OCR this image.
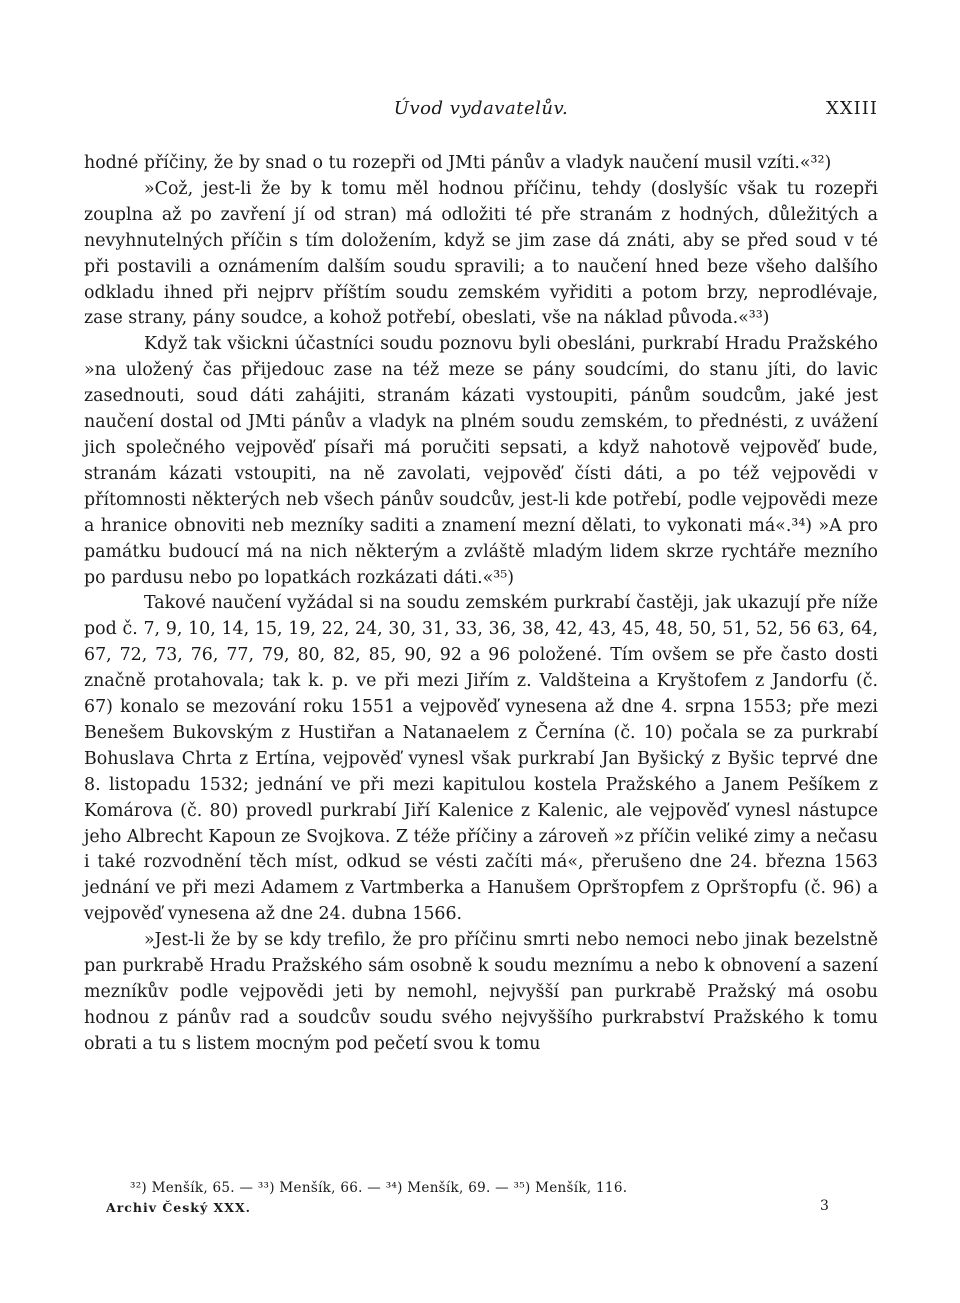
Úvod vydavatelův.	XXIII

hodné příčiny, že by snad o tu rozepři od JMti pánův a vladyk naučení musil vzíti.«³²)

»Což, jest-li že by k tomu měl hodnou příčinu, tehdy (doslyšíc však tu rozepři zouplna až po zavření jí od stran) má odložiti té pře stranám z hodných, důležitých a nevyhnutelných příčin s tím doložením, když se jim zase dá znáti, aby se před soud v té při postavili a oznámením dalším soudu spravili; a to naučení hned beze všeho dalšího odkladu ihned při nejprv příštím soudu zemském vyřiditi a potom brzy, neprodlévaje, zase strany, pány soudce, a kohož potřebí, obeslati, vše na náklad původa.«³³)

Když tak všickni účastníci soudu poznovu byli obesláni, purkrabí Hradu Pražského »na uložený čas přijedouc zase na též meze se pány soudcími, do stanu jíti, do lavic zasednouti, soud dáti zahájiti, stranám kázati vystoupiti, pánům soudcům, jaké jest naučení dostal od JMti pánův a vladyk na plném soudu zemském, to přednésti, z uvážení jich společného vejpověď písaři má poručiti sepsati, a když nahotově vejpověď bude, stranám kázati vstoupiti, na ně zavolati, vejpověď čísti dáti, a po též vejpovědi v přítomnosti některých neb všech pánův soudcův, jest-li kde potřebí, podle vejpovědi meze a hranice obnoviti neb mezníky saditi a znamení mezní dělati, to vykonati má«.³⁴) »A pro památku budoucí má na nich některým a zvláště mladým lidem skrze rychtáře mezního po pardusu nebo po lopatkách rozkázati dáti.«³⁵)

Takové naučení vyžádal si na soudu zemském purkrabí častěji, jak ukazují pře níže pod č. 7, 9, 10, 14, 15, 19, 22, 24, 30, 31, 33, 36, 38, 42, 43, 45, 48, 50, 51, 52, 56 63, 64, 67, 72, 73, 76, 77, 79, 80, 82, 85, 90, 92 a 96 položené. Tím ovšem se pře často dosti značně protahovala; tak k. p. ve při mezi Jiřím z. Valdšteina a Kryštofem z Jandorfu (č. 67) konalo se mezování roku 1551 a vejpověď vynesena až dne 4. srpna 1553; pře mezi Benešem Bukovským z Hustiřan a Natanaelem z Černína (č. 10) počala se za purkrabí Bohuslava Chrta z Ertína, vejpověď vynesl však purkrabí Jan Byšický z Byšic teprvé dne 8. listopadu 1532; jednání ve při mezi kapitulou kostela Pražského a Janem Pešíkem z Komárova (č. 80) provedl purkrabí Jiří Kalenice z Kalenic, ale vejpověď vynesl nástupce jeho Albrecht Kapoun ze Svojkova. Z téže příčiny a zároveň »z příčin veliké zimy a nečasu i také rozvodnění těch míst, odkud se vésti začíti má«, přerušeno dne 24. března 1563 jednání ve při mezi Adamem z Vartmberka a Hanušem Opršторfem z Opršторfu (č. 96) a vejpověď vynesena až dne 24. dubna 1566.

»Jest-li že by se kdy trefilo, že pro příčinu smrti nebo nemoci nebo jinak bezelstně pan purkrabě Hradu Pražského sám osobně k soudu meznímu a nebo k obnovení a sazení mezníkův podle vejpovědi jeti by nemohl, nejvyšší pan purkrabě Pražský má osobu hodnou z pánův rad a soudcův soudu svého nejvyššího purkrabství Pražského k tomu obrati a tu s listem mocným pod pečetí svou k tomu

³²) Menšík, 65. — ³³) Menšík, 66. — ³⁴) Menšík, 69. — ³⁵) Menšík, 116.
Archiv Český XXX.	3
